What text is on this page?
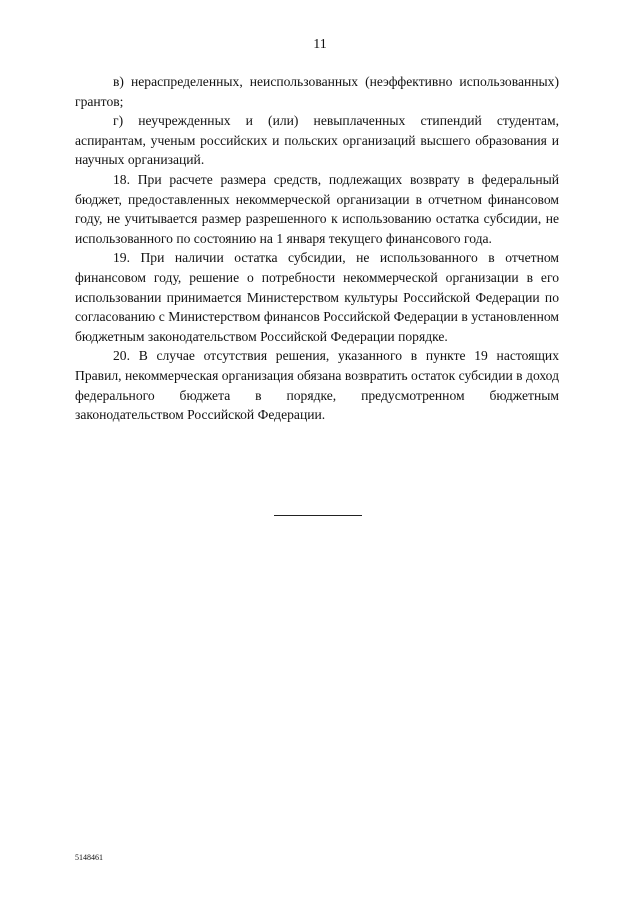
11

в) нераспределенных, неиспользованных (неэффективно использованных) грантов;

г) неучрежденных и (или) невыплаченных стипендий студентам, аспирантам, ученым российских и польских организаций высшего образования и научных организаций.

18. При расчете размера средств, подлежащих возврату в федеральный бюджет, предоставленных некоммерческой организации в отчетном финансовом году, не учитывается размер разрешенного к использованию остатка субсидии, не использованного по состоянию на 1 января текущего финансового года.

19. При наличии остатка субсидии, не использованного в отчетном финансовом году, решение о потребности некоммерческой организации в его использовании принимается Министерством культуры Российской Федерации по согласованию с Министерством финансов Российской Федерации в установленном бюджетным законодательством Российской Федерации порядке.

20. В случае отсутствия решения, указанного в пункте 19 настоящих Правил, некоммерческая организация обязана возвратить остаток субсидии в доход федерального бюджета в порядке, предусмотренном бюджетным законодательством Российской Федерации.

5148461
